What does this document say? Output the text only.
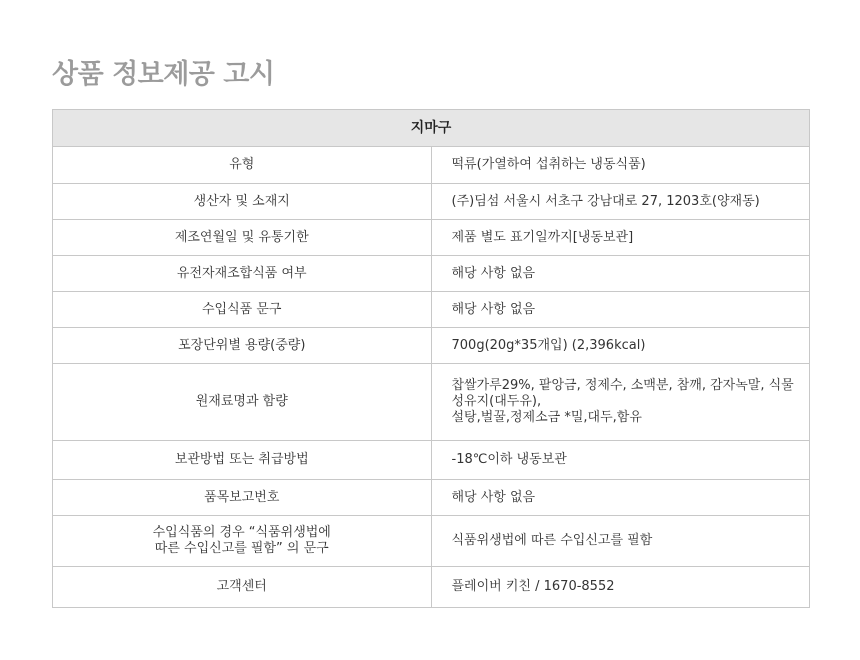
상품 정보제공 고시
지마구	
유형	떡류(가열하여 섭취하는 냉동식품)
생산자 및 소재지	(주)딤섬 서울시 서초구 강남대로 27, 1203호(양재동)
제조연월일 및 유통기한	제품 별도 표기일까지[냉동보관]
유전자재조합식품 여부	해당 사항 없음
수입식품 문구	해당 사항 없음
포장단위별 용량(중량)	700g(20g*35개입) (2,396kcal)
원재료명과 함량	찹쌀가루29%, 팥앙금, 정제수, 소맥분, 참깨, 감자녹말, 식물성유지(대두유),
설탕,벌꿀,정제소금 *밀,대두,함유

보관방법 또는 취급방법	-18℃이하 냉동보관
품목보고번호	해당 사항 없음

수입식품의 경우 “식품위생법에
따른 수입신고를 필함” 의 문구	식품위생법에 따른 수입신고를 필함
고객센터	플레이버 키친 / 1670-8552
